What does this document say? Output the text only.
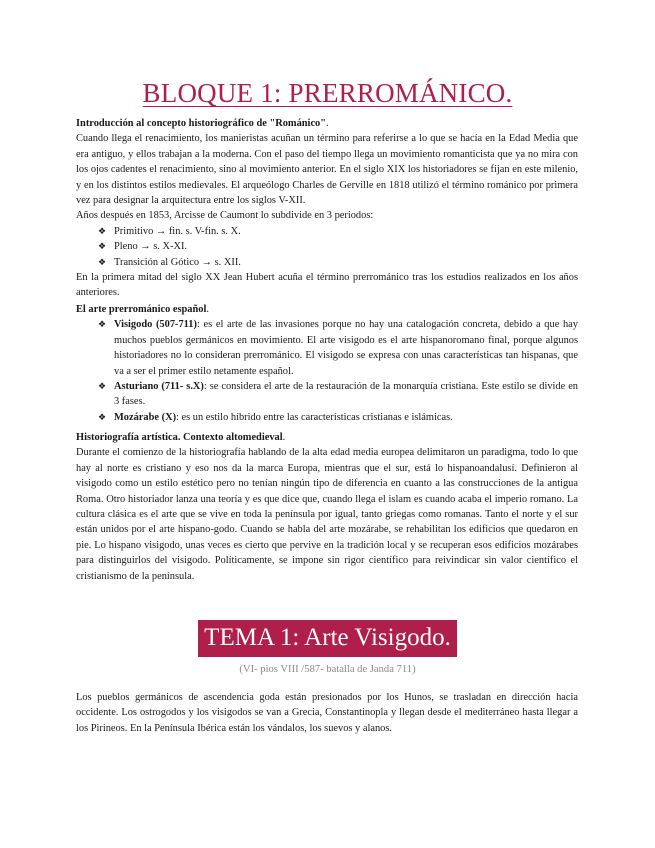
BLOQUE 1: PRERROMÁNICO.

Introducción al concepto historiográfico de "Románico".

Cuando llega el renacimiento, los manieristas acuñan un término para referirse a lo que se hacía en la Edad Media que era antiguo, y ellos trabajan a la moderna. Con el paso del tiempo llega un movimiento romanticista que ya no mira con los ojos cadentes el renacimiento, sino al movimiento anterior. En el siglo XIX los historiadores se fijan en este milenio, y en los distintos estilos medievales. El arqueólogo Charles de Gerville en 1818 utilizó el término románico por primera vez para designar la arquitectura entre los siglos V-XII.

Años después en 1853, Arcisse de Caumont lo subdivide en 3 periodos:

❖ Primitivo → fin. s. V-fin. s. X.
❖ Pleno → s. X-XI.
❖ Transición al Gótico → s. XII.

En la primera mitad del siglo XX Jean Hubert acuña el término prerrománico tras los estudios realizados en los años anteriores.

El arte prerrománico español.

❖ Visigodo (507-711): es el arte de las invasiones porque no hay una catalogación concreta, debido a que hay muchos pueblos germánicos en movimiento. El arte visigodo es el arte hispanoromano final, porque algunos historiadores no lo consideran prerrománico. El visigodo se expresa con unas características tan hispanas, que va a ser el primer estilo netamente español.
❖ Asturiano (711- s.X): se considera el arte de la restauración de la monarquía cristiana. Este estilo se divide en 3 fases.
❖ Mozárabe (X): es un estilo híbrido entre las características cristianas e islámicas.

Historiografía artística. Contexto altomedieval.

Durante el comienzo de la historiografía hablando de la alta edad media europea delimitaron un paradigma, todo lo que hay al norte es cristiano y eso nos da la marca Europa, mientras que el sur, está lo hispanoandalusí. Definieron al visigodo como un estilo estético pero no tenían ningún tipo de diferencia en cuanto a las construcciones de la antigua Roma. Otro historiador lanza una teoría y es que dice que, cuando llega el islam es cuando acaba el imperio romano. La cultura clásica es el arte que se vive en toda la península por igual, tanto griegas como romanas. Tanto el norte y el sur están unidos por el arte hispano-godo. Cuando se habla del arte mozárabe, se rehabilitan los edificios que quedaron en pie. Lo hispano visigodo, unas veces es cierto que pervive en la tradición local y se recuperan esos edificios mozárabes para distinguirlos del visigodo. Políticamente, se impone sin rigor científico para reivindicar sin valor científico el cristianismo de la península.

TEMA 1: Arte Visigodo.
(VI- pios VIII /587- batalla de Janda 711)

Los pueblos germánicos de ascendencia goda están presionados por los Hunos, se trasladan en dirección hacia occidente. Los ostrogodos y los visigodos se van a Grecia, Constantinopla y llegan desde el mediterráneo hasta llegar a los Pirineos. En la Península Ibérica están los vándalos, los suevos y alanos.
